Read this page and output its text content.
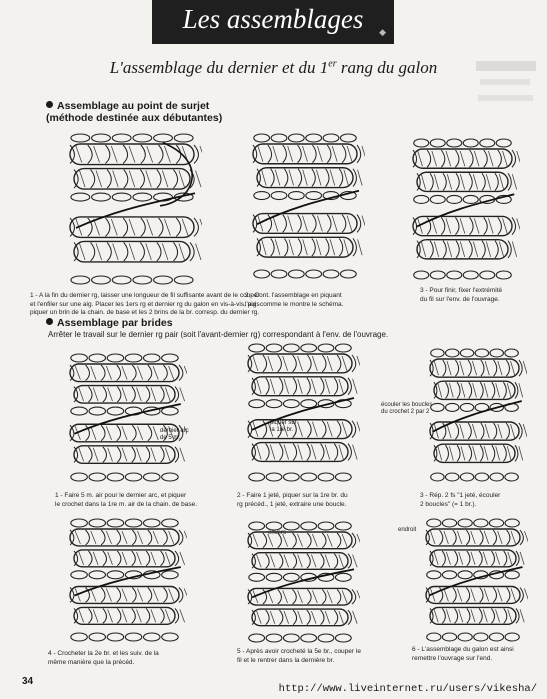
Les assemblages	◆
L'assemblage du dernier et du 1er rang du galon
Assemblage au point de surjet
(méthode destinée aux débutantes)
Assemblage par brides
Arrêter le travail sur le dernier rg pair (soit l'avant-dernier rg) correspondant à l'env. de l'ouvrage.
dernier arc
de 5 m.
piquer sur
la 1re br.
écouler les boucles
du crochet 2 par 2
envers	endroit
1 - A la fin du dernier rg, laisser une longueur de fil suffisante avant de le couper
et l'enfiler sur une aig. Placer les 1ers rg et dernier rg du galon en vis-à-vis, puis
piquer un brin de la chain. de base et les 2 brins de la br. corresp. du dernier rg.
2 - Cont. l'assemblage en piquant
l'aig. comme le montre le schéma.
3 - Pour finir, fixer l'extrémité
du fil sur l'env. de l'ouvrage.
1 - Faire 5 m. air pour le dernier arc, et piquer
le crochet dans la 1re m. air de la chain. de base.
2 - Faire 1 jeté, piquer sur la 1re br. du
rg précéd., 1 jeté, extraire une boucle.
3 - Rép. 2 fs "1 jeté, écouler
2 boucles" (= 1 br.).
4 - Crocheter la 2e br. et les suiv. de la
même manière que la précéd.
5 - Après avoir crocheté la 5e br., couper le
fil et le rentrer dans la dernière br.
6 - L'assemblage du galon est ainsi
remettre l'ouvrage sur l'end.
34
http://www.liveinternet.ru/users/vikesha/
